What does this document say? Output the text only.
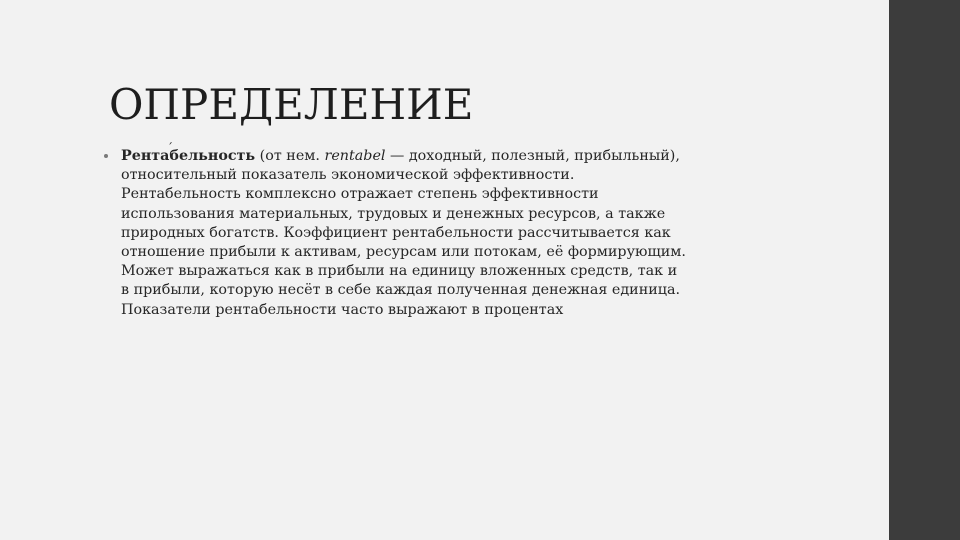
ОПРЕДЕЛЕНИЕ
Рентабельность
(от нем. rentabel — доходный, полезный, прибыльный),
относительный показатель экономической эффективности.
Рентабельность комплексно отражает степень эффективности
использования материальных, трудовых и денежных ресурсов, а также
природных богатств. Коэффициент рентабельности рассчитывается как
отношение прибыли к активам, ресурсам или потокам, её формирующим.
Может выражаться как в прибыли на единицу вложенных средств, так и
в прибыли, которую несёт в себе каждая полученная денежная единица.
Показатели рентабельности часто выражают в процентах
